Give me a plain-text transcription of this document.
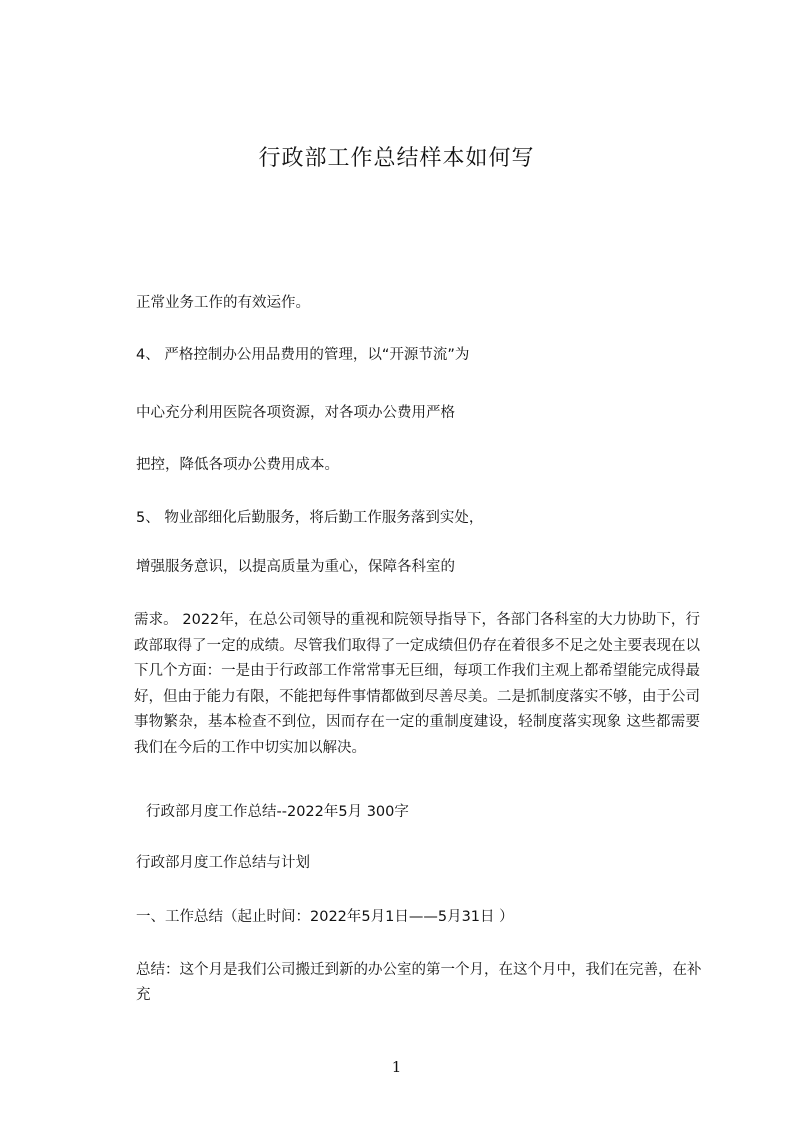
行政部工作总结样本如何写
正常业务工作的有效运作。
4、 严格控制办公用品费用的管理，以“开源节流”为
中心充分利用医院各项资源，对各项办公费用严格
把控，降低各项办公费用成本。
5、 物业部细化后勤服务，将后勤工作服务落到实处，
增强服务意识，以提高质量为重心，保障各科室的
需求。 2022年，在总公司领导的重视和院领导指导下，各部门各科室的大力协助下，行政部取得了一定的成绩。尽管我们取得了一定成绩但仍存在着很多不足之处主要表现在以下几个方面：一是由于行政部工作常常事无巨细，每项工作我们主观上都希望能完成得最好，但由于能力有限，不能把每件事情都做到尽善尽美。二是抓制度落实不够，由于公司事物繁杂，基本检查不到位，因而存在一定的重制度建设，轻制度落实现象 这些都需要我们在今后的工作中切实加以解决。
行政部月度工作总结--2022年5月 300字
行政部月度工作总结与计划
一、工作总结（起止时间：2022年5月1日——5月31日 ）
总结：这个月是我们公司搬迁到新的办公室的第一个月，在这个月中，我们在完善，在补充
1
